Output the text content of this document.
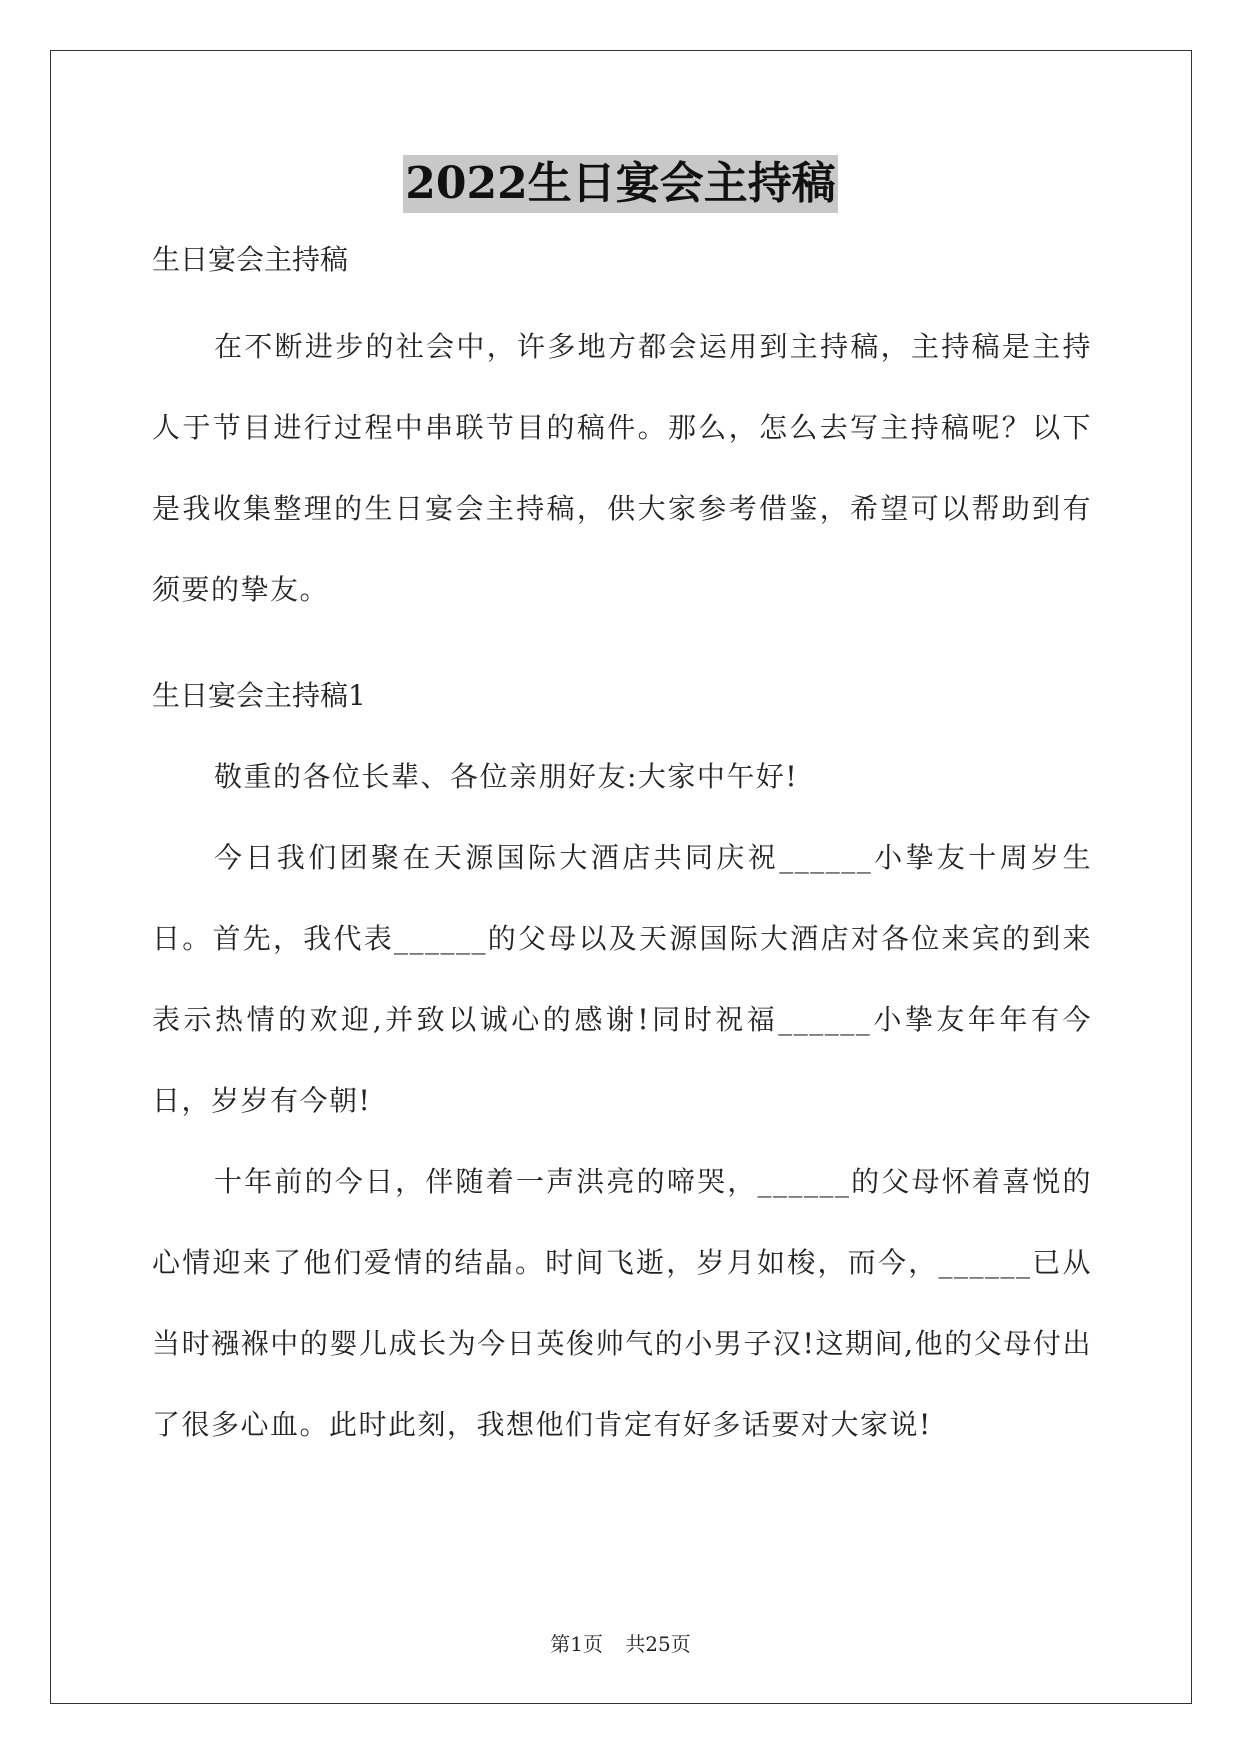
2022生日宴会主持稿

生日宴会主持稿

在不断进步的社会中，许多地方都会运用到主持稿，主持稿是主持人于节目进行过程中串联节目的稿件。那么，怎么去写主持稿呢？以下是我收集整理的生日宴会主持稿，供大家参考借鉴，希望可以帮助到有须要的挚友。

生日宴会主持稿1

敬重的各位长辈、各位亲朋好友:大家中午好!

今日我们团聚在天源国际大酒店共同庆祝______小挚友十周岁生日。首先，我代表______的父母以及天源国际大酒店对各位来宾的到来表示热情的欢迎,并致以诚心的感谢!同时祝福______小挚友年年有今日，岁岁有今朝!

十年前的今日，伴随着一声洪亮的啼哭，______的父母怀着喜悦的心情迎来了他们爱情的结晶。时间飞逝，岁月如梭，而今，______已从当时襁褓中的婴儿成长为今日英俊帅气的小男子汉!这期间,他的父母付出了很多心血。此时此刻，我想他们肯定有好多话要对大家说!

第1页 共25页
